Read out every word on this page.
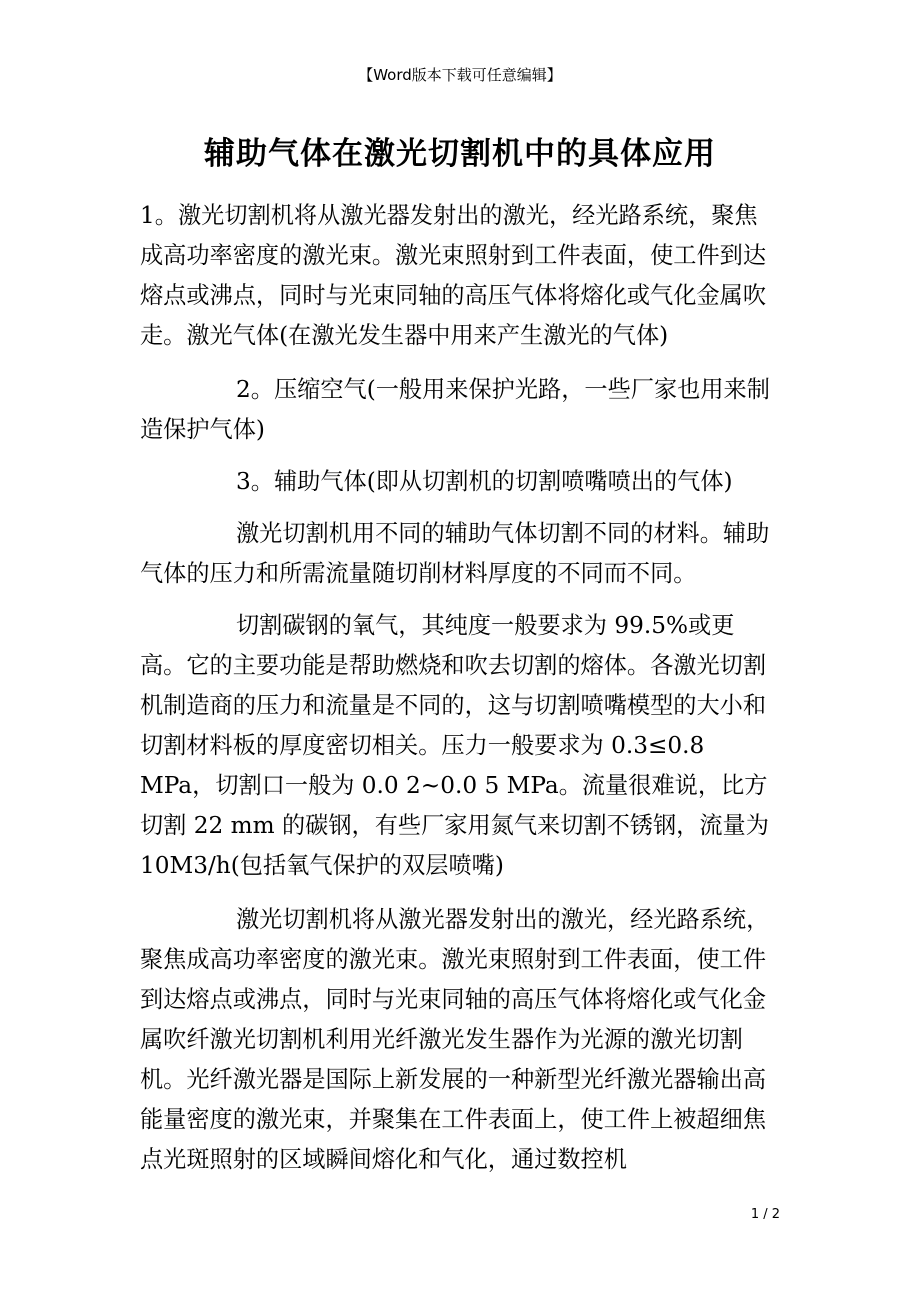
【Word版本下载可任意编辑】
辅助气体在激光切割机中的具体应用

1。激光切割机将从激光器发射出的激光，经光路系统，聚焦成高功率密度的激光束。激光束照射到工件表面，使工件到达熔点或沸点，同时与光束同轴的高压气体将熔化或气化金属吹走。激光气体(在激光发生器中用来产生激光的气体)

2。压缩空气(一般用来保护光路，一些厂家也用来制造保护气体)

3。辅助气体(即从切割机的切割喷嘴喷出的气体)

激光切割机用不同的辅助气体切割不同的材料。辅助气体的压力和所需流量随切削材料厚度的不同而不同。

切割碳钢的氧气，其纯度一般要求为 99.5%或更高。它的主要功能是帮助燃烧和吹去切割的熔体。各激光切割机制造商的压力和流量是不同的，这与切割喷嘴模型的大小和切割材料板的厚度密切相关。压力一般要求为 0.3≤0.8 MPa，切割口一般为 0.0 2~0.0 5 MPa。流量很难说，比方切割 22 mm 的碳钢，有些厂家用氮气来切割不锈钢，流量为 10M3/h(包括氧气保护的双层喷嘴)

激光切割机将从激光器发射出的激光，经光路系统，聚焦成高功率密度的激光束。激光束照射到工件表面，使工件到达熔点或沸点，同时与光束同轴的高压气体将熔化或气化金属吹纤激光切割机利用光纤激光发生器作为光源的激光切割机。光纤激光器是国际上新发展的一种新型光纤激光器输出高能量密度的激光束，并聚集在工件表面上，使工件上被超细焦点光斑照射的区域瞬间熔化和气化，通过数控机

1 / 2
